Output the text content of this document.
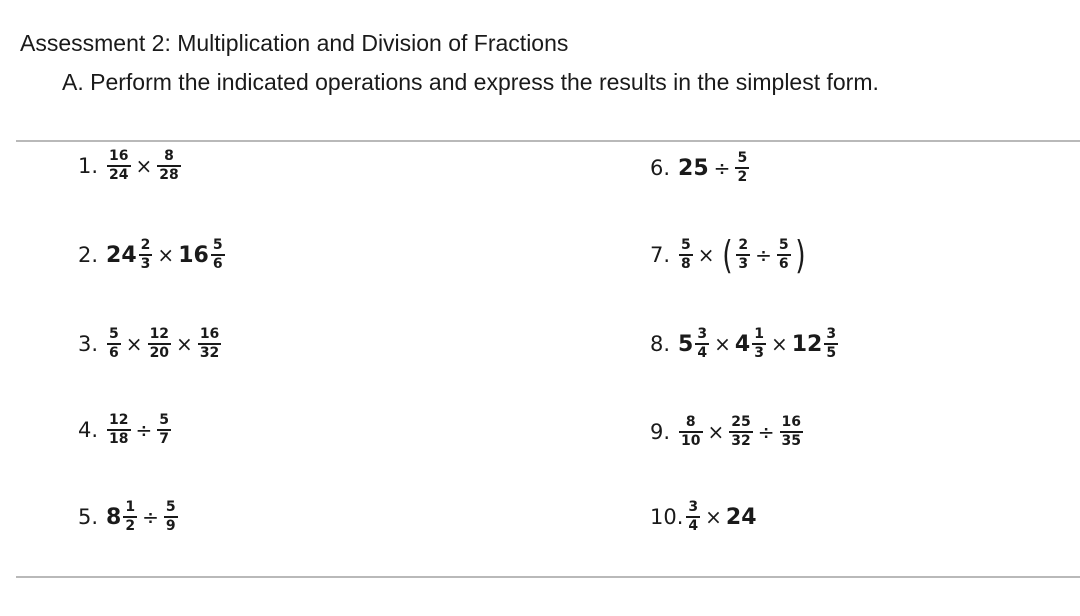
Assessment 2: Multiplication and Division of Fractions
A. Perform the indicated operations and express the results in the simplest form.
1. $\frac{16}{24} \times \frac{8}{28}$
2. $24 \frac{2}{3} \times 16 \frac{5}{6}$
3. $\frac{5}{6} \times \frac{12}{20} \times \frac{16}{32}$
4. $\frac{12}{18} \div \frac{5}{7}$
5. $8 \frac{1}{2} \div \frac{5}{9}$
6. $25 \div \frac{5}{2}$
7. $\frac{5}{8}$ × ( $\frac{2}{3} \div \frac{5}{6}$ )
8. $5 \frac{3}{4} \times 4 \frac{1}{3} \times 12 \frac{3}{5}$
9. $\frac{8}{10} \times \frac{25}{32} \div \frac{16}{35}$
10. $\frac{3}{4} \times 24$
